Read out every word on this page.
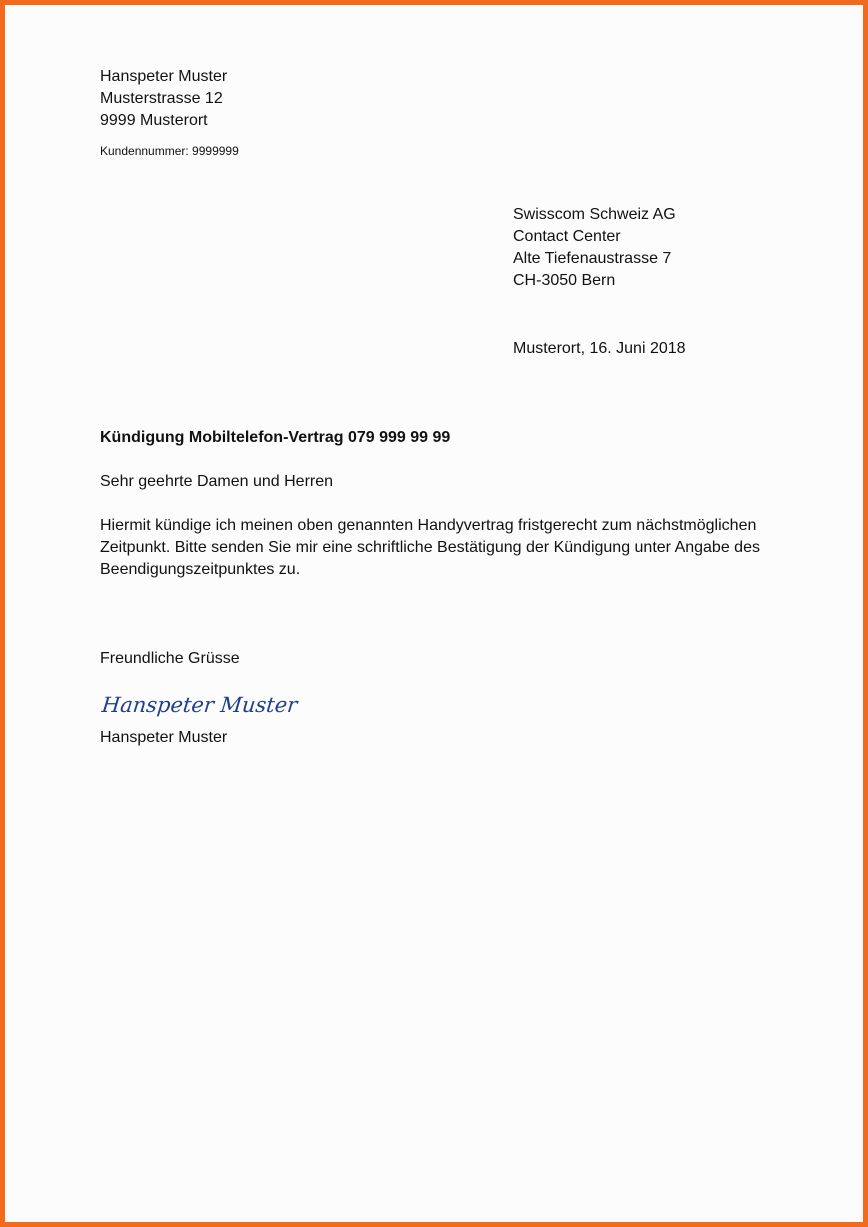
Hanspeter Muster
Musterstrasse 12
9999 Musterort
Kundennummer: 9999999
Swisscom Schweiz AG
Contact Center
Alte Tiefenaustrasse 7
CH-3050 Bern
Musterort, 16. Juni 2018
Kündigung Mobiltelefon-Vertrag 079 999 99 99
Sehr geehrte Damen und Herren
Hiermit kündige ich meinen oben genannten Handyvertrag fristgerecht zum nächstmöglichen
Zeitpunkt. Bitte senden Sie mir eine schriftliche Bestätigung der Kündigung unter Angabe des
Beendigungszeitpunktes zu.
Freundliche Grüsse
Hanspeter Muster
Hanspeter Muster
